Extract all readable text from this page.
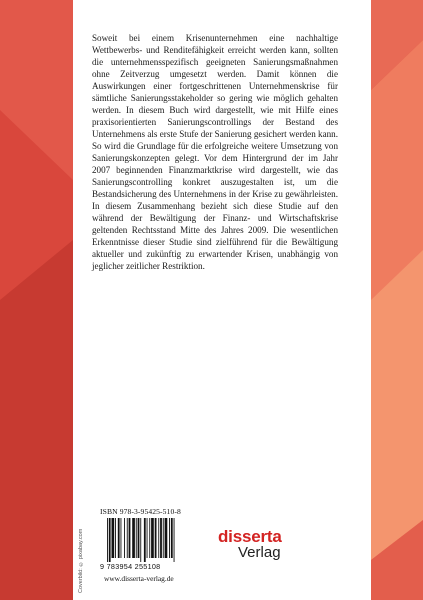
Soweit bei einem Krisenunternehmen eine nachhaltige Wettbewerbs- und Renditefähigkeit erreicht werden kann, sollten die unternehmensspezifisch geeigneten Sanierungsmaßnahmen ohne Zeitverzug umgesetzt werden. Damit können die Auswirkungen einer fortgeschrittenen Unternehmenskrise für sämtliche Sanierungsstakeholder so gering wie möglich gehalten werden. In diesem Buch wird dargestellt, wie mit Hilfe eines praxisorientierten Sanierungscontrollings der Bestand des Unternehmens als erste Stufe der Sanierung gesichert werden kann. So wird die Grundlage für die erfolgreiche weitere Umsetzung von Sanierungskonzepten gelegt. Vor dem Hintergrund der im Jahr 2007 beginnenden Finanzmarktkrise wird dargestellt, wie das Sanierungscontrolling konkret auszugestalten ist, um die Bestandsicherung des Unternehmens in der Krise zu gewährleisten. In diesem Zusammenhang bezieht sich diese Studie auf den während der Bewältigung der Finanz- und Wirtschaftskrise geltenden Rechtsstand Mitte des Jahres 2009. Die wesentlichen Erkenntnisse dieser Studie sind zielführend für die Bewältigung aktueller und zukünftig zu erwartender Krisen, unabhängig von jeglicher zeitlicher Restriktion.

Coverbild: © pixabay.com
ISBN 978-3-95425-510-8
9 783954 255108
www.disserta-verlag.de
disserta
Verlag
